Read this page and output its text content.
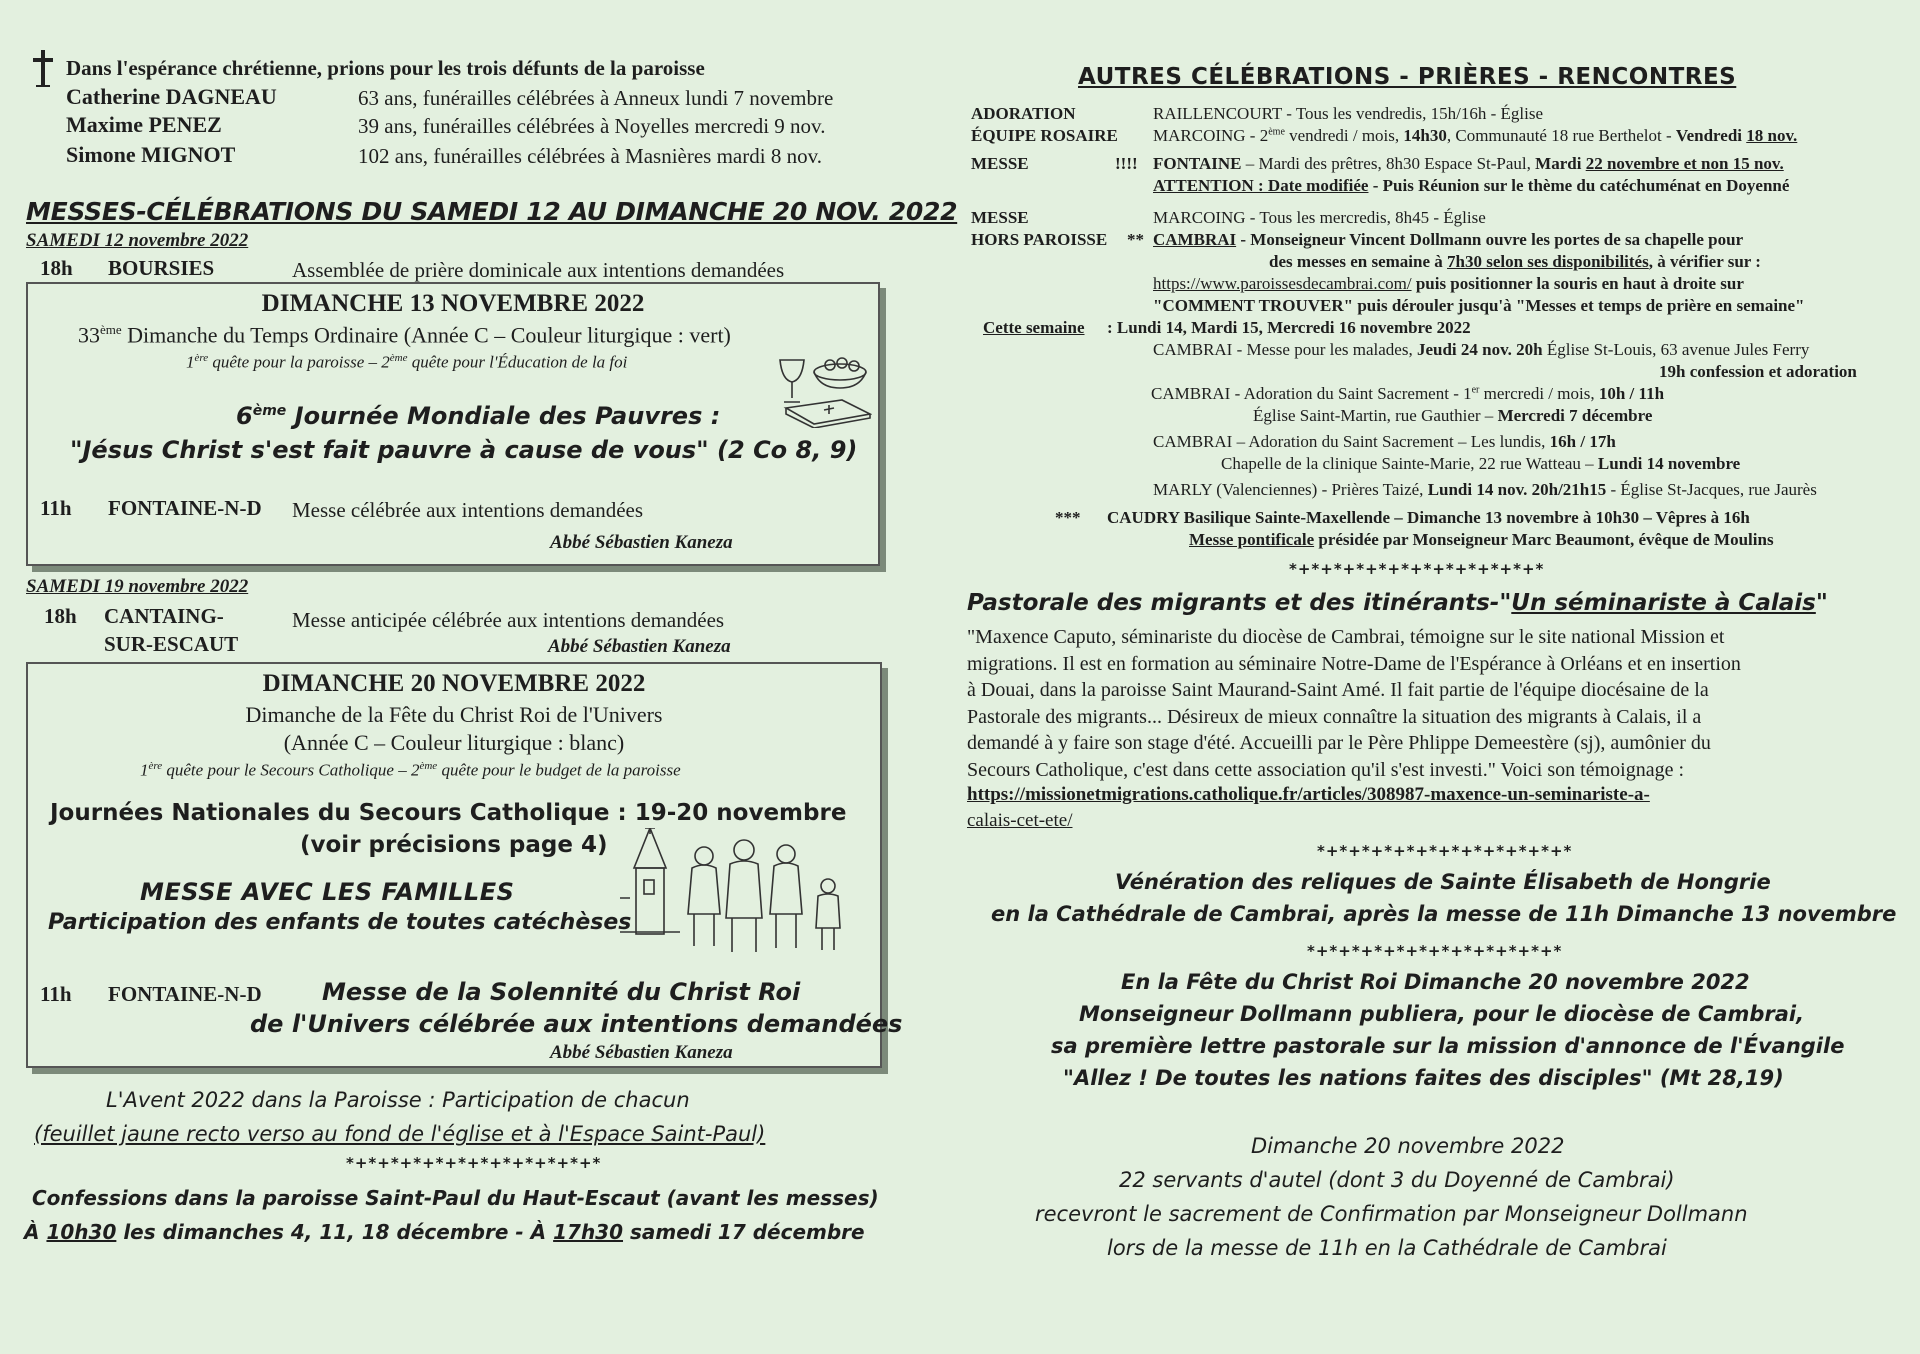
Dans l'espérance chrétienne, prions pour les trois défunts de la paroisse
Catherine DAGNEAU	63 ans, funérailles célébrées à Anneux lundi 7 novembre
Maxime PENEZ	39 ans, funérailles célébrées à Noyelles mercredi 9 nov.
Simone MIGNOT	102 ans, funérailles célébrées à Masnières mardi 8 nov.
MESSES-CÉLÉBRATIONS DU SAMEDI 12 AU DIMANCHE 20 NOV. 2022
SAMEDI 12 novembre 2022
18h BOURSIES	Assemblée de prière dominicale aux intentions demandées
DIMANCHE 13 NOVEMBRE 2022
33ème Dimanche du Temps Ordinaire (Année C – Couleur liturgique : vert)
1ère quête pour la paroisse – 2ème quête pour l'Éducation de la foi
6ème Journée Mondiale des Pauvres :
"Jésus Christ s'est fait pauvre à cause de vous" (2 Co 8, 9)
11h FONTAINE-N-D Messe célébrée aux intentions demandées
Abbé Sébastien Kaneza
SAMEDI 19 novembre 2022
18h CANTAING-
SUR-ESCAUT
Messe anticipée célébrée aux intentions demandées
Abbé Sébastien Kaneza
DIMANCHE 20 NOVEMBRE 2022
Dimanche de la Fête du Christ Roi de l'Univers
(Année C – Couleur liturgique : blanc)
1ère quête pour le Secours Catholique – 2ème quête pour le budget de la paroisse
Journées Nationales du Secours Catholique : 19-20 novembre
(voir précisions page 4)
MESSE AVEC LES FAMILLES
Participation des enfants de toutes catéchèses
11h FONTAINE-N-D	Messe de la Solennité du Christ Roi
de l'Univers célébrée aux intentions demandées
Abbé Sébastien Kaneza
L'Avent 2022 dans la Paroisse : Participation de chacun
(feuillet jaune recto verso au fond de l'église et à l'Espace Saint-Paul)
*+*+*+*+*+*+*+*+*+*+*+*
Confessions dans la paroisse Saint-Paul du Haut-Escaut (avant les messes)
À 10h30 les dimanches 4, 11, 18 décembre - À 17h30 samedi 17 décembre
AUTRES CÉLÉBRATIONS - PRIÈRES - RENCONTRES
ADORATION	RAILLENCOURT - Tous les vendredis, 15h/16h - Église
ÉQUIPE ROSAIRE MARCOING - 2ème vendredi / mois, 14h30, Communauté 18 rue Berthelot - Vendredi 18 nov.
MESSE	!!!! FONTAINE – Mardi des prêtres, 8h30 Espace St-Paul, Mardi 22 novembre et non 15 nov.
ATTENTION : Date modifiée - Puis Réunion sur le thème du catéchuménat en Doyenné
MESSE	MARCOING - Tous les mercredis, 8h45 - Église
HORS PAROISSE ** CAMBRAI - Monseigneur Vincent Dollmann ouvre les portes de sa chapelle pour
des messes en semaine à 7h30 selon ses disponibilités, à vérifier sur :
https://www.paroissesdecambrai.com/ puis positionner la souris en haut à droite sur
"COMMENT TROUVER" puis dérouler jusqu'à "Messes et temps de prière en semaine"
Cette semaine : Lundi 14, Mardi 15, Mercredi 16 novembre 2022
CAMBRAI - Messe pour les malades, Jeudi 24 nov. 20h Église St-Louis, 63 avenue Jules Ferry
19h confession et adoration
CAMBRAI - Adoration du Saint Sacrement - 1er mercredi / mois, 10h / 11h
Église Saint-Martin, rue Gauthier – Mercredi 7 décembre
CAMBRAI – Adoration du Saint Sacrement – Les lundis, 16h / 17h
Chapelle de la clinique Sainte-Marie, 22 rue Watteau – Lundi 14 novembre
MARLY (Valenciennes) - Prières Taizé, Lundi 14 nov. 20h/21h15 - Église St-Jacques, rue Jaurès
*** CAUDRY Basilique Sainte-Maxellende – Dimanche 13 novembre à 10h30 – Vêpres à 16h
Messe pontificale présidée par Monseigneur Marc Beaumont, évêque de Moulins
*+*+*+*+*+*+*+*+*+*+*+*
Pastorale des migrants et des itinérants-"Un séminariste à Calais"
"Maxence Caputo, séminariste du diocèse de Cambrai, témoigne sur le site national Mission et
migrations. Il est en formation au séminaire Notre-Dame de l'Espérance à Orléans et en insertion
à Douai, dans la paroisse Saint Maurand-Saint Amé. Il fait partie de l'équipe diocésaine de la
Pastorale des migrants... Désireux de mieux connaître la situation des migrants à Calais, il a
demandé à y faire son stage d'été. Accueilli par le Père Phlippe Demeestère (sj), aumônier du
Secours Catholique, c'est dans cette association qu'il s'est investi." Voici son témoignage :
https://missionetmigrations.catholique.fr/articles/308987-maxence-un-seminariste-a-
calais-cet-ete/
*+*+*+*+*+*+*+*+*+*+*+*
Vénération des reliques de Sainte Élisabeth de Hongrie
en la Cathédrale de Cambrai, après la messe de 11h Dimanche 13 novembre
*+*+*+*+*+*+*+*+*+*+*+*
En la Fête du Christ Roi Dimanche 20 novembre 2022
Monseigneur Dollmann publiera, pour le diocèse de Cambrai,
sa première lettre pastorale sur la mission d'annonce de l'Évangile
"Allez ! De toutes les nations faites des disciples" (Mt 28,19)
Dimanche 20 novembre 2022
22 servants d'autel (dont 3 du Doyenné de Cambrai)
recevront le sacrement de Confirmation par Monseigneur Dollmann
lors de la messe de 11h en la Cathédrale de Cambrai
